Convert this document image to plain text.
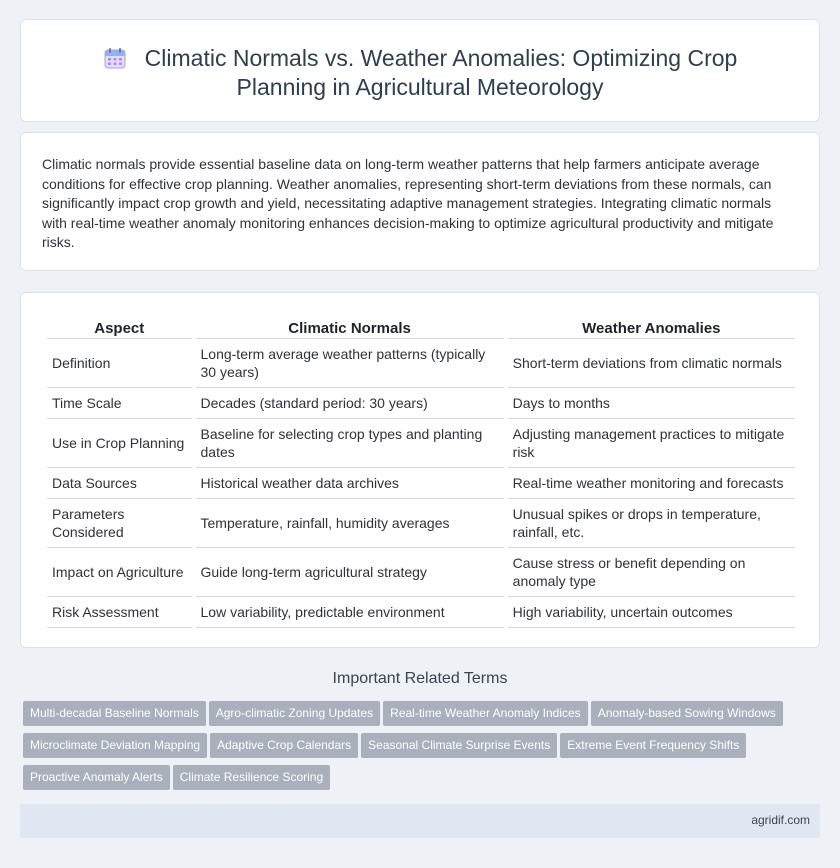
Climatic Normals vs. Weather Anomalies: Optimizing Crop Planning in Agricultural Meteorology

Climatic normals provide essential baseline data on long-term weather patterns that help farmers anticipate average conditions for effective crop planning. Weather anomalies, representing short-term deviations from these normals, can significantly impact crop growth and yield, necessitating adaptive management strategies. Integrating climatic normals with real-time weather anomaly monitoring enhances decision-making to optimize agricultural productivity and mitigate risks.

Aspect	Climatic Normals	Weather Anomalies
Definition	Long-term average weather patterns (typically 30 years)	Short-term deviations from climatic normals
Time Scale	Decades (standard period: 30 years)	Days to months
Use in Crop Planning	Baseline for selecting crop types and planting dates	Adjusting management practices to mitigate risk
Data Sources	Historical weather data archives	Real-time weather monitoring and forecasts
Parameters Considered	Temperature, rainfall, humidity averages	Unusual spikes or drops in temperature, rainfall, etc.
Impact on Agriculture	Guide long-term agricultural strategy	Cause stress or benefit depending on anomaly type
Risk Assessment	Low variability, predictable environment	High variability, uncertain outcomes
Important Related Terms
Multi-decadal Baseline Normals Agro-climatic Zoning Updates Real-time Weather Anomaly Indices Anomaly-based Sowing Windows
Microclimate Deviation Mapping Adaptive Crop Calendars Seasonal Climate Surprise Events Extreme Event Frequency Shifts
Proactive Anomaly Alerts Climate Resilience Scoring
agridif.com
